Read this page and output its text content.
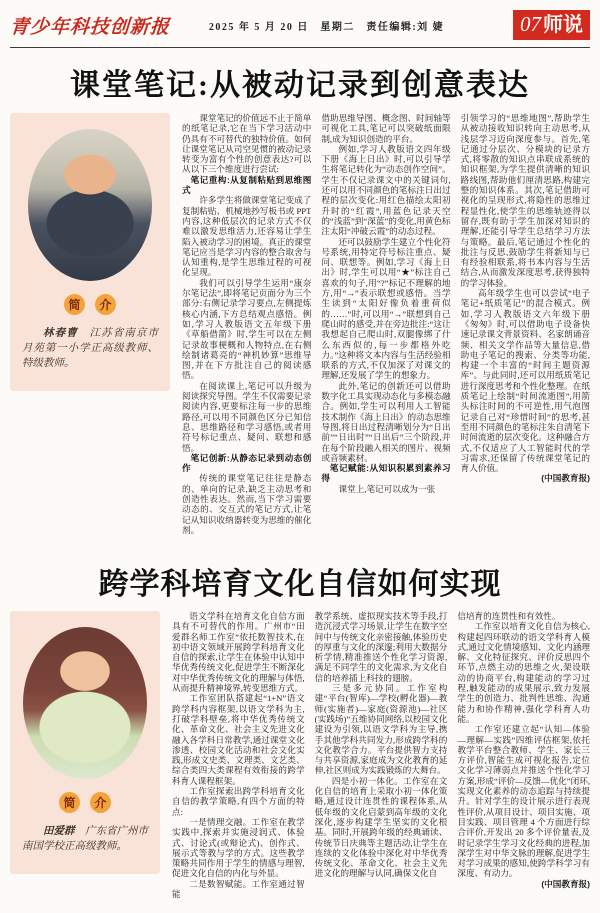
青少年科技创新报	2025 年 5 月 20 日　星期二　责任编辑:刘 婕	07 师说
课堂笔记:从被动记录到创意表达
简	介

林春曹　 江苏省南京市月苑第一小学正高级教师、特级教师。

课堂笔记的价值远不止于简单的纸笔记录,它在当下学习活动中仍具有不可替代的独特价值。如何让课堂笔记从司空见惯的被动记录转变为富有个性的创意表达?可以从以下三个维度进行尝试:

笔记重构:从复制粘贴到思维图式

许多学生将做课堂笔记变成了复制粘贴、机械地抄写板书或 PPT 内容,这种低层次的记录方式不仅难以激发思维活力,还容易让学生陷入被动学习的困境。真正的课堂笔记应当是学习内容的整合取舍与认知重构,是学生思维过程的可视化呈现。

我们可以引导学生运用“康奈尔笔记法”,即将笔记页面分为三个部分:右侧记录学习要点,左侧提炼核心内涵,下方总结观点感悟。例如,学习人教版语文五年级下册《草船借箭》时,学生可以在左侧记录故事梗概和人物特点,在右侧绘制诸葛亮的“神机妙算”思维导图,并在下方批注自己的阅读感悟。

在阅读课上,笔记可以升级为阅读探究导图。学生不仅需要记录阅读内容,更要标注每一步的思维路径,可以用不同颜色区分已知信息、思维路径和学习感悟,或者用符号标记重点、疑问、联想和感悟。

笔记创新:从静态记录到动态创作

传统的课堂笔记往往是静态的、单向的记录,缺乏主动思考和创造性表达。然而,当下学习需要动态的、交互式的笔记方式,让笔记从知识收纳器转变为思维的催化剂。

借助思维导图、概念图、时间轴等可视化工具,笔记可以突破纸面限制,成为知识创造的平台。

例如,学习人教版语文四年级下册《海上日出》时,可以引导学生将笔记转化为“动态创作空间”。学生不仅记录课文中的关键词句,还可以用不同颜色的笔标注日出过程的层次变化:用红色描绘太阳初升时的“红霞”,用蓝色记录天空的“浅蓝”到“深蓝”的变化,用黄色标注太阳“冲破云霞”的动态过程。

还可以鼓励学生建立个性化符号系统,用特定符号标注重点、疑问、联想等。例如,学习《海上日出》时,学生可以用“★”标注自己喜欢的句子,用“?”标记不理解的地方,用“→”表示联想或感悟。当学生读到“太阳好像负着重荷似的……”时,可以用“→”联想到自己爬山时的感受,并在旁边批注:“这让我想起自己爬山时,双腿像绑了什么东西似的,每一步都格外吃力。”这种将文本内容与生活经验相联系的方式,不仅加深了对课文的理解,还发展了学生的想象力。

此外,笔记的创新还可以借助数字化工具实现动态化与多模态融合。例如,学生可以利用人工智能技术制作《海上日出》的动态思维导图,将日出过程清晰划分为“日出前”“日出时”“日出后”三个阶段,并在每个阶段融入相关的图片、视频或音频素材。

笔记赋能:从知识积累到素养习得

课堂上,笔记可以成为一张

引领学习的“思维地图”,帮助学生从被动接收知识转向主动思考,从浅层学习迈向深度参与。首先,笔记通过分层次、分模块的记录方式,将零散的知识点串联成系统的知识框架,为学生提供清晰的知识路线图,帮助他们厘清思路,构建完整的知识体系。其次,笔记借助可视化的呈现形式,将隐性的思维过程显性化,使学生的思维轨迹得以留存,既有助于学生加深对知识的理解,还能引导学生总结学习方法与策略。最后,笔记通过个性化的批注与反思,鼓励学生将新知与已有经验相联系,将书本内容与生活结合,从而激发深度思考,获得独特的学习体验。

高年级学生也可以尝试“电子笔记+纸质笔记”的混合模式。例如,学习人教版语文六年级下册《匆匆》时,可以借助电子设备快速记录课文背景资料、名家朗诵音频、相关文学作品等大量信息,借助电子笔记的搜索、分类等功能,构建一个丰富的“时间主题资源库”。与此同时,还可以用纸质笔记进行深度思考和个性化整理。在纸质笔记上绘制“时间流逝图”,用箭头标注时间的不可逆性,用气泡图记录自己对“珍惜时间”的思考,甚至用不同颜色的笔标注朱自清笔下时间流逝的层次变化。这种融合方式,不仅适应了人工智能时代的学习需求,还保留了传统课堂笔记的育人价值。

(中国教育报)

跨学科培育文化自信如何实现
简	介

田爱群　 广东省广州市南国学校正高级教师。

语文学科在培育文化自信方面具有不可替代的作用。广州市“田爱群名师工作室”依托数智技术,在初中语文领域开展跨学科培育文化自信的探索,让学生在体验中认知中华优秀传统文化,促进学生不断深化对中华优秀传统文化的理解与体悟,从而提升精神境界,转变思维方式。

工作室团队搭建起“1+N”语文跨学科内容框架,以语文学科为主,打破学科壁垒,将中华优秀传统文化、革命文化、社会主义先进文化融入各学科日常教学,通过课堂文化渗透、校园文化活动和社会文化实践,形成文史类、文理类、文艺类、综合类四大类课程有效衔接的跨学科育人课程框架。

工作室探索出跨学科培育文化自信的教学策略,有四个方面的特点:

一是情理交融。工作室在教学实践中,探索并实施浸润式、体验式、讨论式(或辩论式)、创作式、展示式等教与学的方式。这些教学策略共同作用于学生的情感与理智,促进文化自信的内化与外显。

二是数智赋能。工作室通过智能

教学系统、虚拟现实技术等手段,打造沉浸式学习场景,让学生在数字空间中与传统文化亲密接触,体验历史的厚重与文化的深邃;利用大数据分析学情,精准推送个性化学习资源,满足不同学生的文化需求,为文化自信的培养插上科技的翅膀。

三是多元协同。工作室构建“平台(智库)—学校(孵化器)—教师(实施者)—家庭(资源池)—社区(实践场)”五维协同网络,以校园文化建设为引领,以语文学科为主导,携手其他学科共同发力,形成跨学科的文化教学合力。平台提供智力支持与共享资源,家庭成为文化教育的延伸,社区则成为实践锻炼的大舞台。

四是小初一体化。工作室在文化自信的培育上采取小初一体化策略,通过设计连贯性的课程体系,从低年级的文化启蒙到高年级的文化深化,逐步构建学生坚实的文化根基。同时,开展跨年级的经典诵读、传统节日庆典等主题活动,让学生在连续的文化体验中深化对中华优秀传统文化、革命文化、社会主义先进文化的理解与认同,确保文化自

信培育的连贯性和有效性。

工作室以培育文化自信为核心,构建起四环联动的语文学科育人模式,通过文化情境感知、文化内涵理解、文化特征探究、评价反思四个环节,点燃主动的思维之火,架设联动的协商平台,构建能动的学习过程,触发能动的成果展示,致力发展学生的创造力、批判性思维、沟通能力和协作精神,强化学科育人功能。

工作室还建立起“认知—体验—理解—实践”四维评估框架,依托教学平台整合教师、学生、家长三方评价,智能生成可视化报告,定位文化学习薄弱点并推送个性化学习方案,形成“评价—反馈—优化”闭环,实现文化素养的动态追踪与持续提升。针对学生的设计展示进行表现性评价,从项目设计、项目实施、项目实践、项目管理 4 个方面进行综合评价,开发出 20 多个评价量表,及时记录学生学习文化经典的进程,加深学生对中华文脉的理解,促进学生对学习成果的感知,使跨学科学习有深度、有动力。

(中国教育报)
